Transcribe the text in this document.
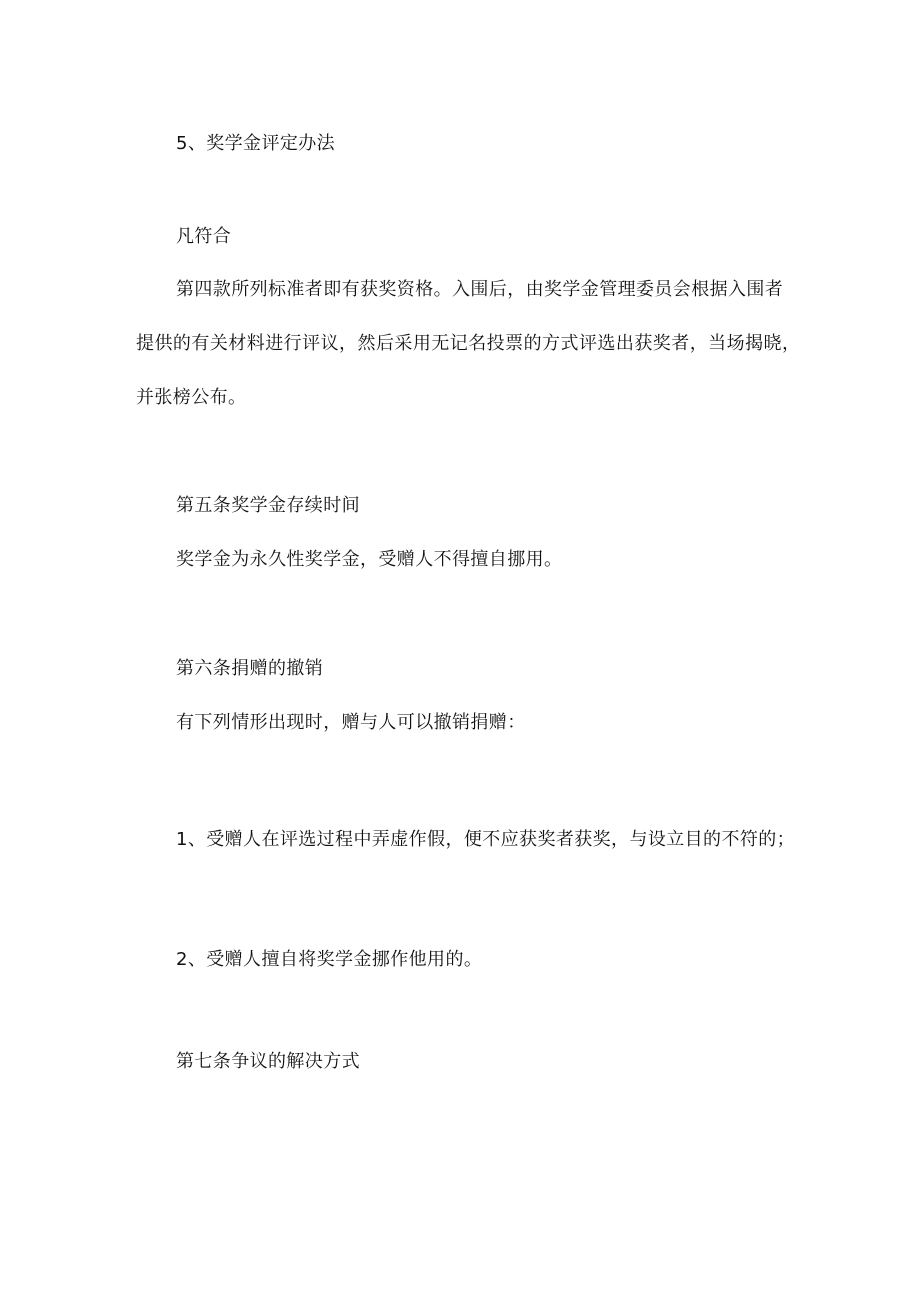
5、奖学金评定办法
凡符合
第四款所列标准者即有获奖资格。入围后，由奖学金管理委员会根据入围者
提供的有关材料进行评议，然后采用无记名投票的方式评选出获奖者，当场揭晓，
并张榜公布。
第五条奖学金存续时间
奖学金为永久性奖学金，受赠人不得擅自挪用。
第六条捐赠的撤销
有下列情形出现时，赠与人可以撤销捐赠：
1、受赠人在评选过程中弄虚作假，便不应获奖者获奖，与设立目的不符的；
2、受赠人擅自将奖学金挪作他用的。
第七条争议的解决方式
